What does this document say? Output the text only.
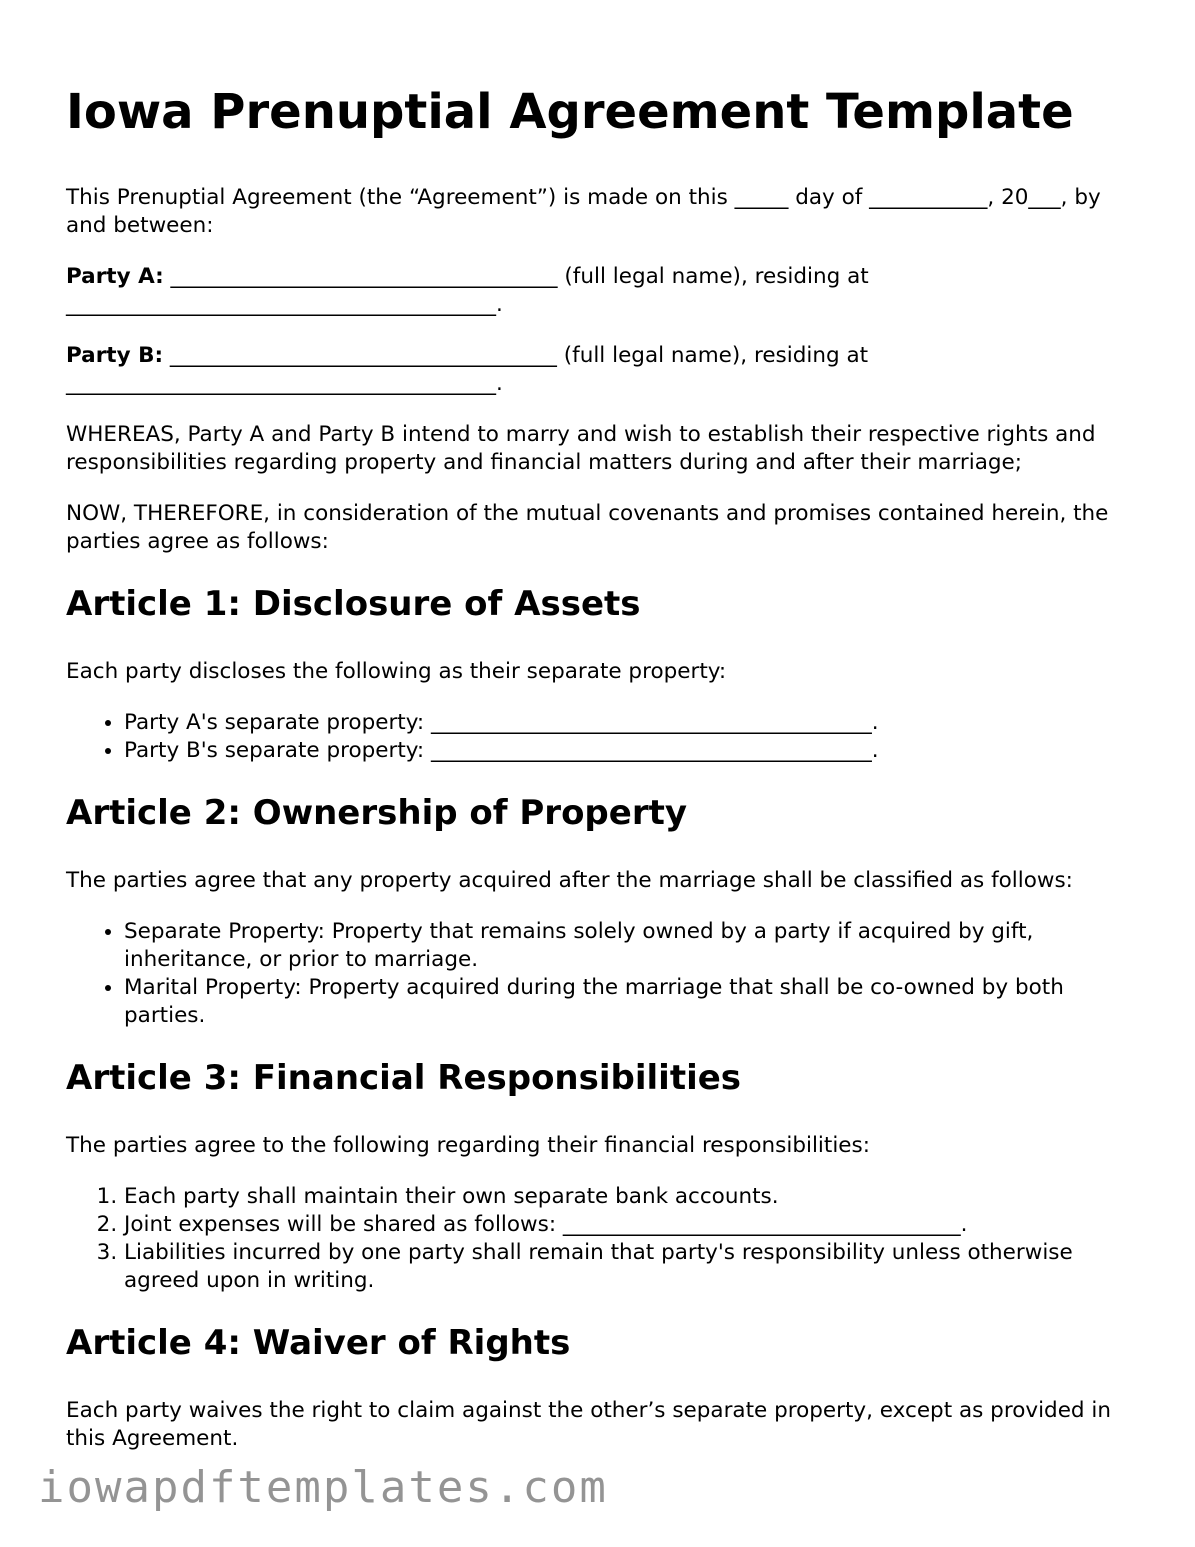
Iowa Prenuptial Agreement Template

This Prenuptial Agreement (the “Agreement”) is made on this _____ day of ___________, 20___, by and between:

Party A: ____________________________________ (full legal name), residing at ________________________________________.

Party B: ____________________________________ (full legal name), residing at ________________________________________.

WHEREAS, Party A and Party B intend to marry and wish to establish their respective rights and responsibilities regarding property and financial matters during and after their marriage;

NOW, THEREFORE, in consideration of the mutual covenants and promises contained herein, the parties agree as follows:

Article 1: Disclosure of Assets

Each party discloses the following as their separate property:

• Party A's separate property: _________________________________________.
• Party B's separate property: _________________________________________.
Article 2: Ownership of Property

The parties agree that any property acquired after the marriage shall be classified as follows:

• Separate Property: Property that remains solely owned by a party if acquired by gift, inheritance, or prior to marriage.
• Marital Property: Property acquired during the marriage that shall be co-owned by both parties.
Article 3: Financial Responsibilities

The parties agree to the following regarding their financial responsibilities:

1. Each party shall maintain their own separate bank accounts.
2. Joint expenses will be shared as follows: _____________________________________.
3. Liabilities incurred by one party shall remain that party's responsibility unless otherwise agreed upon in writing.
Article 4: Waiver of Rights

Each party waives the right to claim against the other’s separate property, except as provided in this Agreement.

iowapdftemplates.com
